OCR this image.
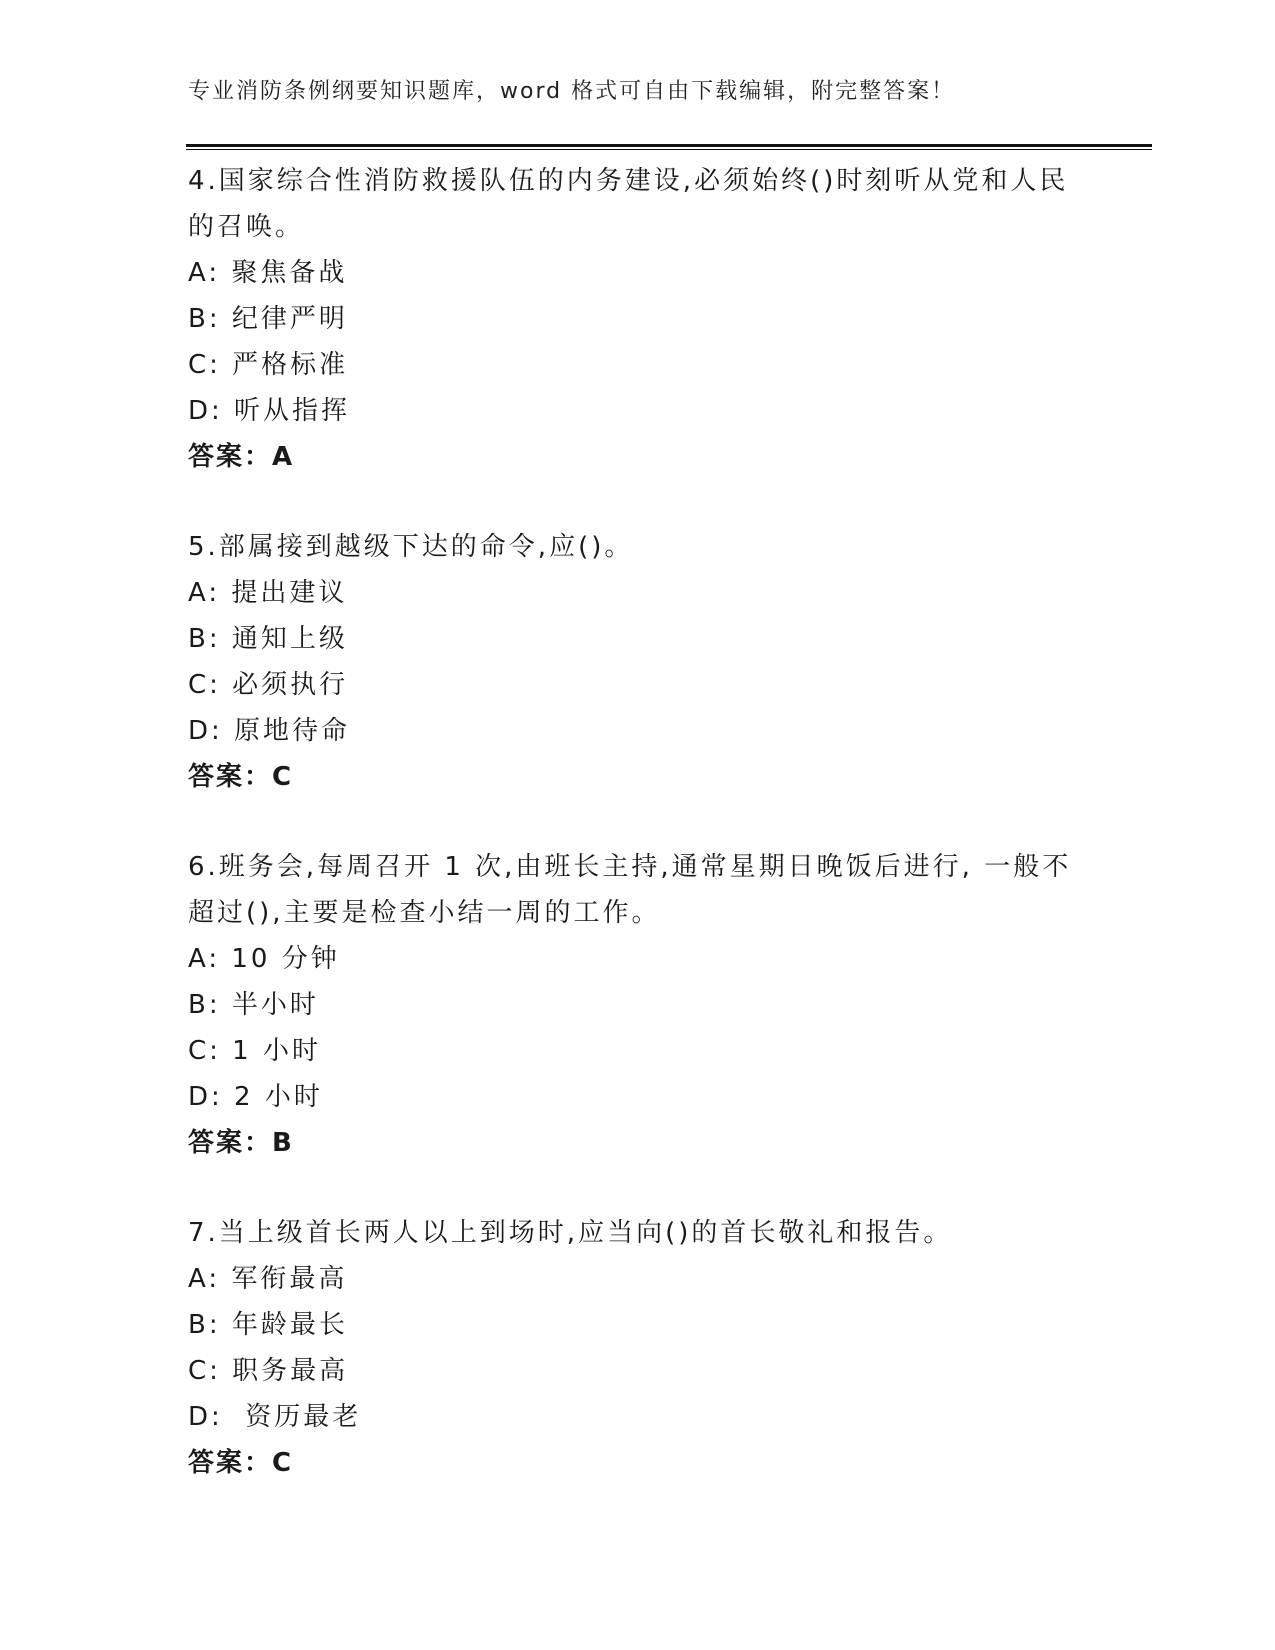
专业消防条例纲要知识题库，word 格式可自由下载编辑，附完整答案！

4.国家综合性消防救援队伍的内务建设,必须始终()时刻听从党和人民

的召唤。

A: 聚焦备战

B: 纪律严明

C: 严格标准

D: 听从指挥

答案：A

5.部属接到越级下达的命令,应()。

A: 提出建议

B: 通知上级

C: 必须执行

D: 原地待命

答案：C

6.班务会,每周召开 1 次,由班长主持,通常星期日晚饭后进行, 一般不

超过(),主要是检查小结一周的工作。

A: 10 分钟

B: 半小时

C: 1 小时

D: 2 小时

答案：B

7.当上级首长两人以上到场时,应当向()的首长敬礼和报告。

A: 军衔最高

B: 年龄最长

C: 职务最高

D:  资历最老

答案：C
